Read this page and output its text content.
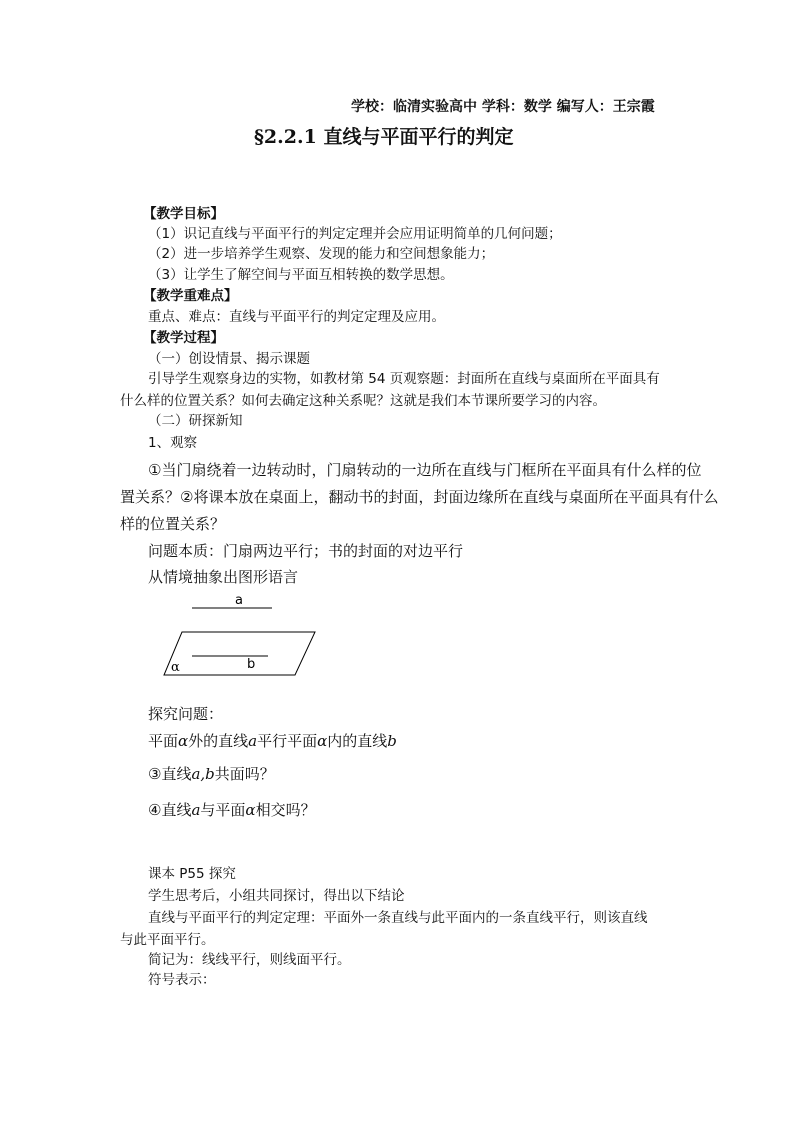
学校：临清实验高中 学科：数学 编写人：王宗霞
§2.2.1 直线与平面平行的判定
【教学目标】
（1）识记直线与平面平行的判定定理并会应用证明简单的几何问题；
（2）进一步培养学生观察、发现的能力和空间想象能力；
（3）让学生了解空间与平面互相转换的数学思想。
【教学重难点】
重点、难点：直线与平面平行的判定定理及应用。
【教学过程】
（一）创设情景、揭示课题
引导学生观察身边的实物，如教材第 54 页观察题：封面所在直线与桌面所在平面具有
什么样的位置关系？如何去确定这种关系呢？这就是我们本节课所要学习的内容。
（二）研探新知
1、观察
①当门扇绕着一边转动时，门扇转动的一边所在直线与门框所在平面具有什么样的位
置关系？②将课本放在桌面上，翻动书的封面，封面边缘所在直线与桌面所在平面具有什么
样的位置关系？
问题本质：门扇两边平行；书的封面的对边平行
从情境抽象出图形语言
a
b
α
探究问题：
平面α外的直线a平行平面α内的直线b
③直线a,b共面吗？
④直线a与平面α相交吗？
课本 P55 探究
学生思考后，小组共同探讨，得出以下结论
直线与平面平行的判定定理：平面外一条直线与此平面内的一条直线平行，则该直线
与此平面平行。
简记为：线线平行，则线面平行。
符号表示：
